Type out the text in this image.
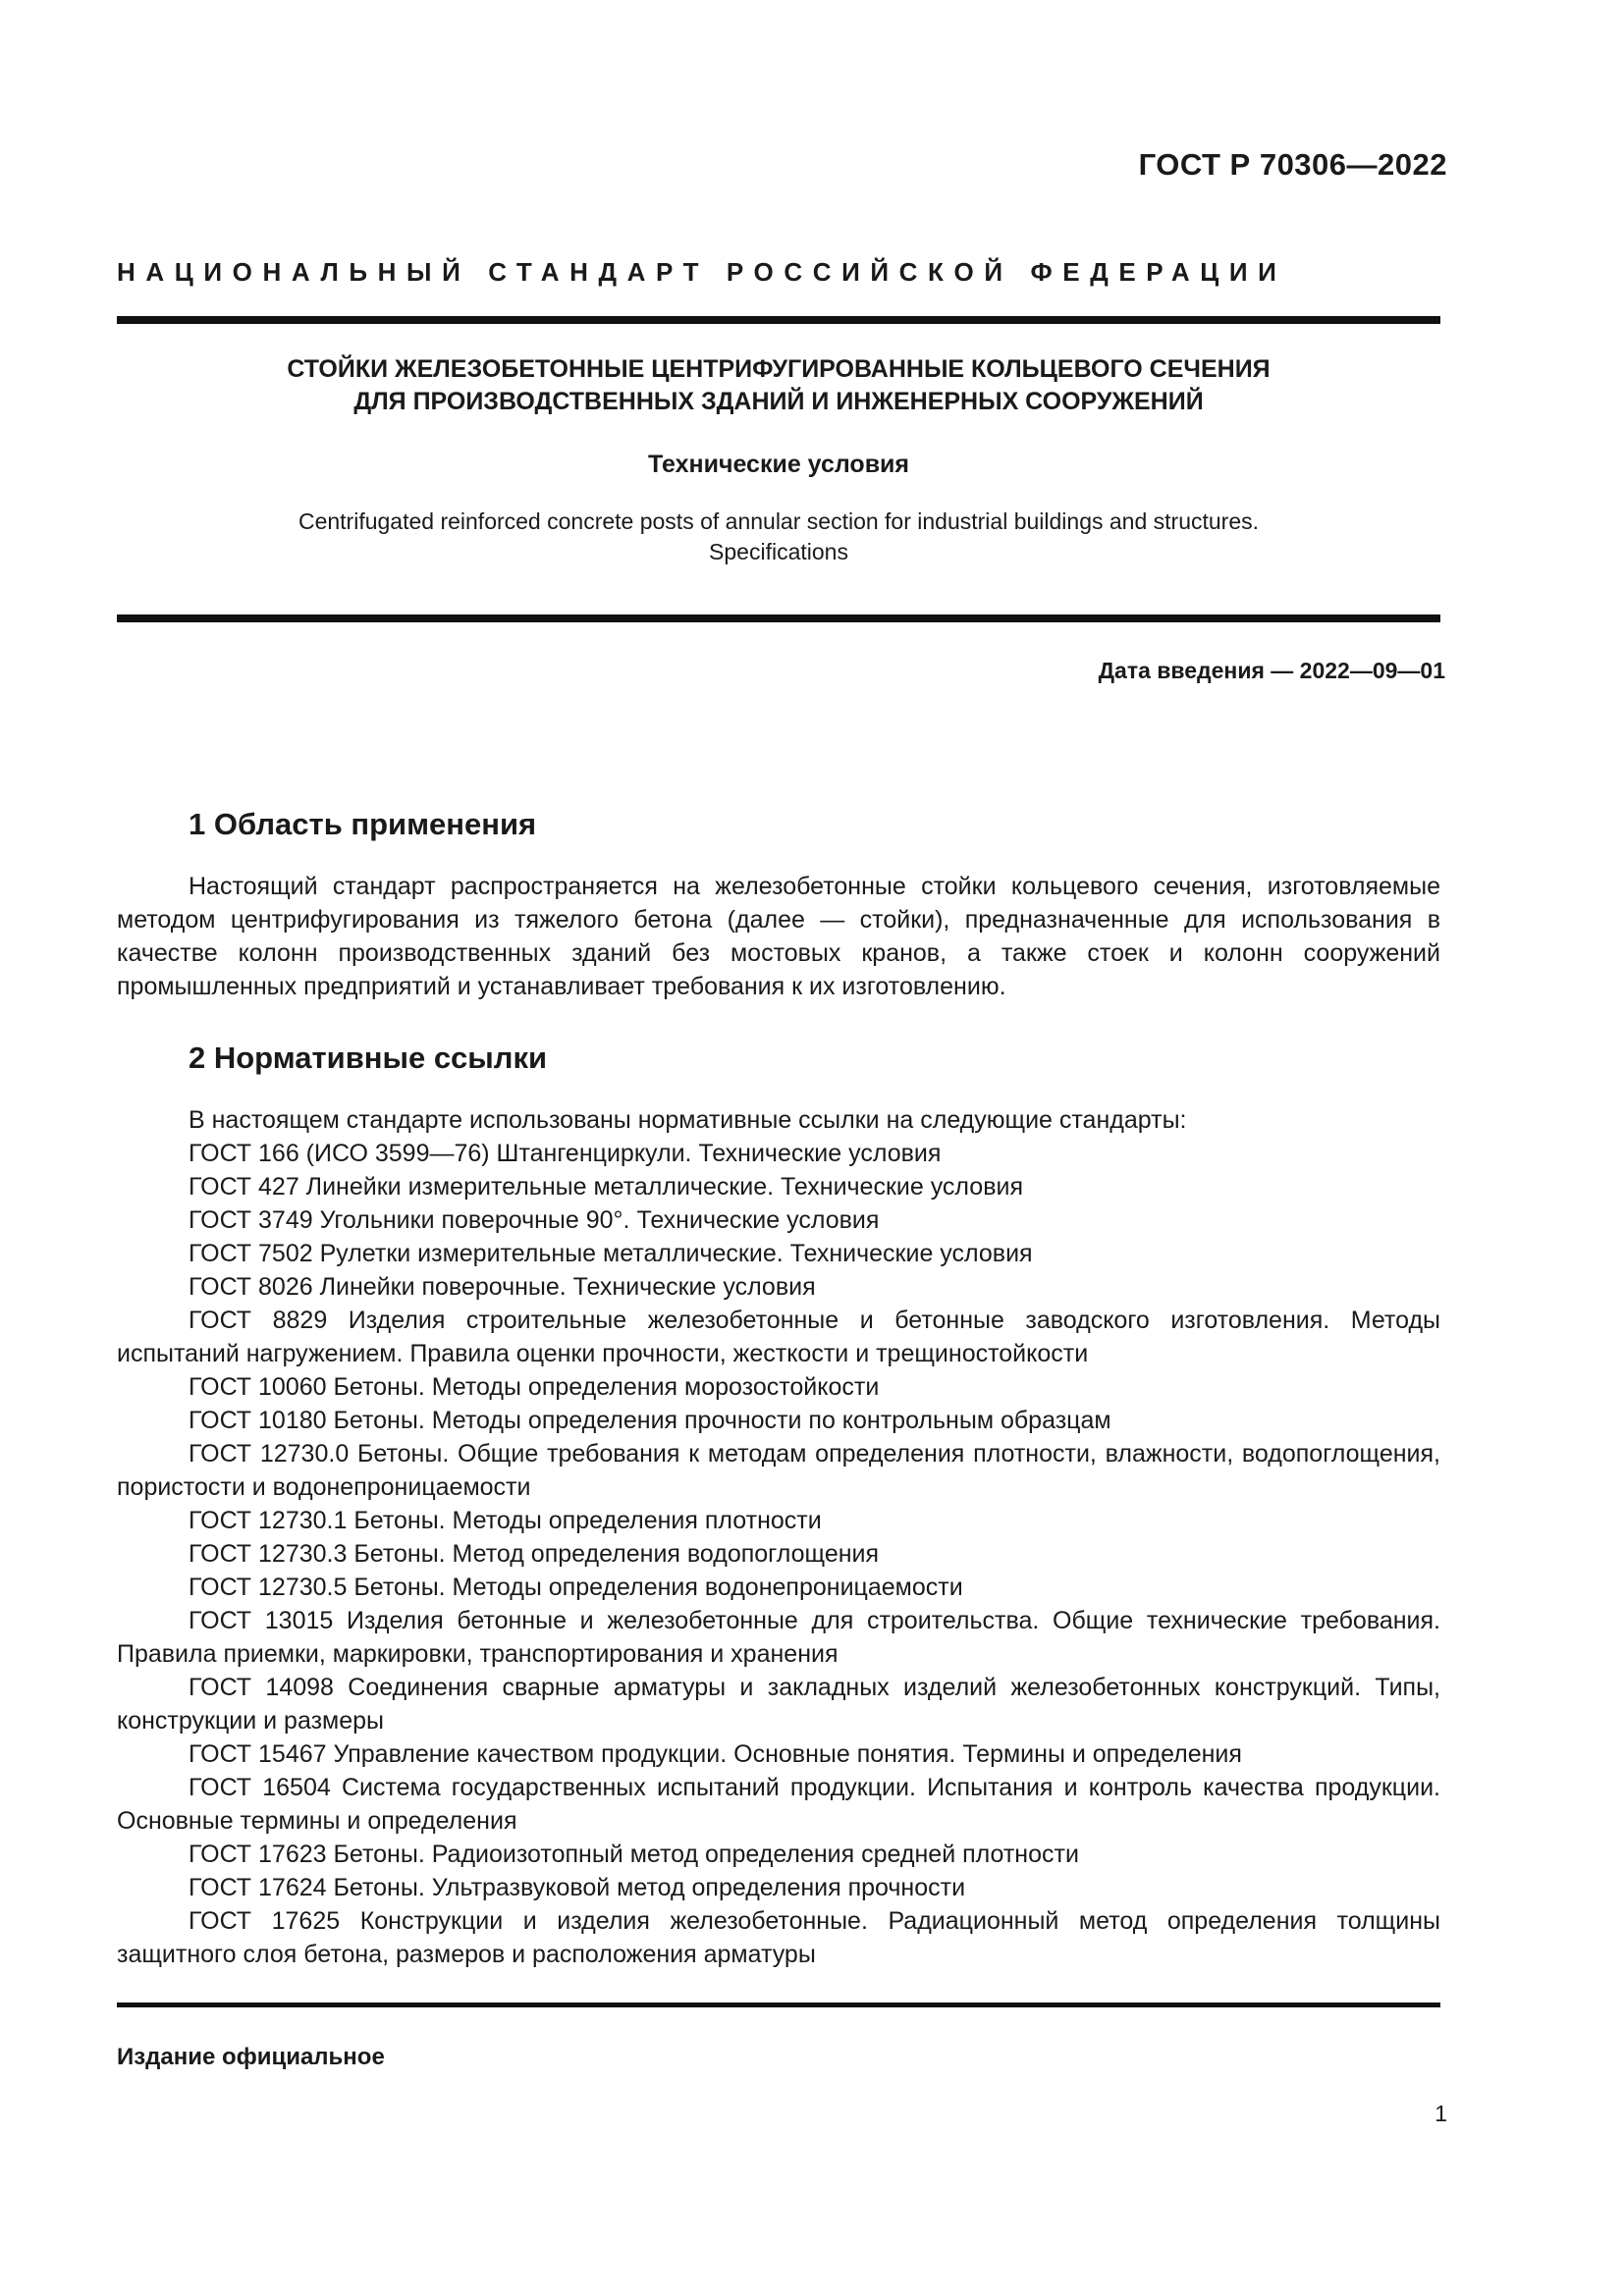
ГОСТ Р 70306—2022
НАЦИОНАЛЬНЫЙ СТАНДАРТ РОССИЙСКОЙ ФЕДЕРАЦИИ
СТОЙКИ ЖЕЛЕЗОБЕТОННЫЕ ЦЕНТРИФУГИРОВАННЫЕ КОЛЬЦЕВОГО СЕЧЕНИЯ
ДЛЯ ПРОИЗВОДСТВЕННЫХ ЗДАНИЙ И ИНЖЕНЕРНЫХ СООРУЖЕНИЙ
Технические условия
Centrifugated reinforced concrete posts of annular section for industrial buildings and structures.
Specifications
Дата введения — 2022—09—01
1 Область применения
Настоящий стандарт распространяется на железобетонные стойки кольцевого сечения, изготовляемые методом центрифугирования из тяжелого бетона (далее — стойки), предназначенные для использования в качестве колонн производственных зданий без мостовых кранов, а также стоек и колонн сооружений промышленных предприятий и устанавливает требования к их изготовлению.
2 Нормативные ссылки
В настоящем стандарте использованы нормативные ссылки на следующие стандарты:
ГОСТ 166 (ИСО 3599—76) Штангенциркули. Технические условия
ГОСТ 427 Линейки измерительные металлические. Технические условия
ГОСТ 3749 Угольники поверочные 90°. Технические условия
ГОСТ 7502 Рулетки измерительные металлические. Технические условия
ГОСТ 8026 Линейки поверочные. Технические условия
ГОСТ 8829 Изделия строительные железобетонные и бетонные заводского изготовления. Методы испытаний нагружением. Правила оценки прочности, жесткости и трещиностойкости
ГОСТ 10060 Бетоны. Методы определения морозостойкости
ГОСТ 10180 Бетоны. Методы определения прочности по контрольным образцам
ГОСТ 12730.0 Бетоны. Общие требования к методам определения плотности, влажности, водопоглощения, пористости и водонепроницаемости
ГОСТ 12730.1 Бетоны. Методы определения плотности
ГОСТ 12730.3 Бетоны. Метод определения водопоглощения
ГОСТ 12730.5 Бетоны. Методы определения водонепроницаемости
ГОСТ 13015 Изделия бетонные и железобетонные для строительства. Общие технические требования. Правила приемки, маркировки, транспортирования и хранения
ГОСТ 14098 Соединения сварные арматуры и закладных изделий железобетонных конструкций. Типы, конструкции и размеры
ГОСТ 15467 Управление качеством продукции. Основные понятия. Термины и определения
ГОСТ 16504 Система государственных испытаний продукции. Испытания и контроль качества продукции. Основные термины и определения
ГОСТ 17623 Бетоны. Радиоизотопный метод определения средней плотности
ГОСТ 17624 Бетоны. Ультразвуковой метод определения прочности
ГОСТ 17625 Конструкции и изделия железобетонные. Радиационный метод определения толщины защитного слоя бетона, размеров и расположения арматуры
Издание официальное
1
